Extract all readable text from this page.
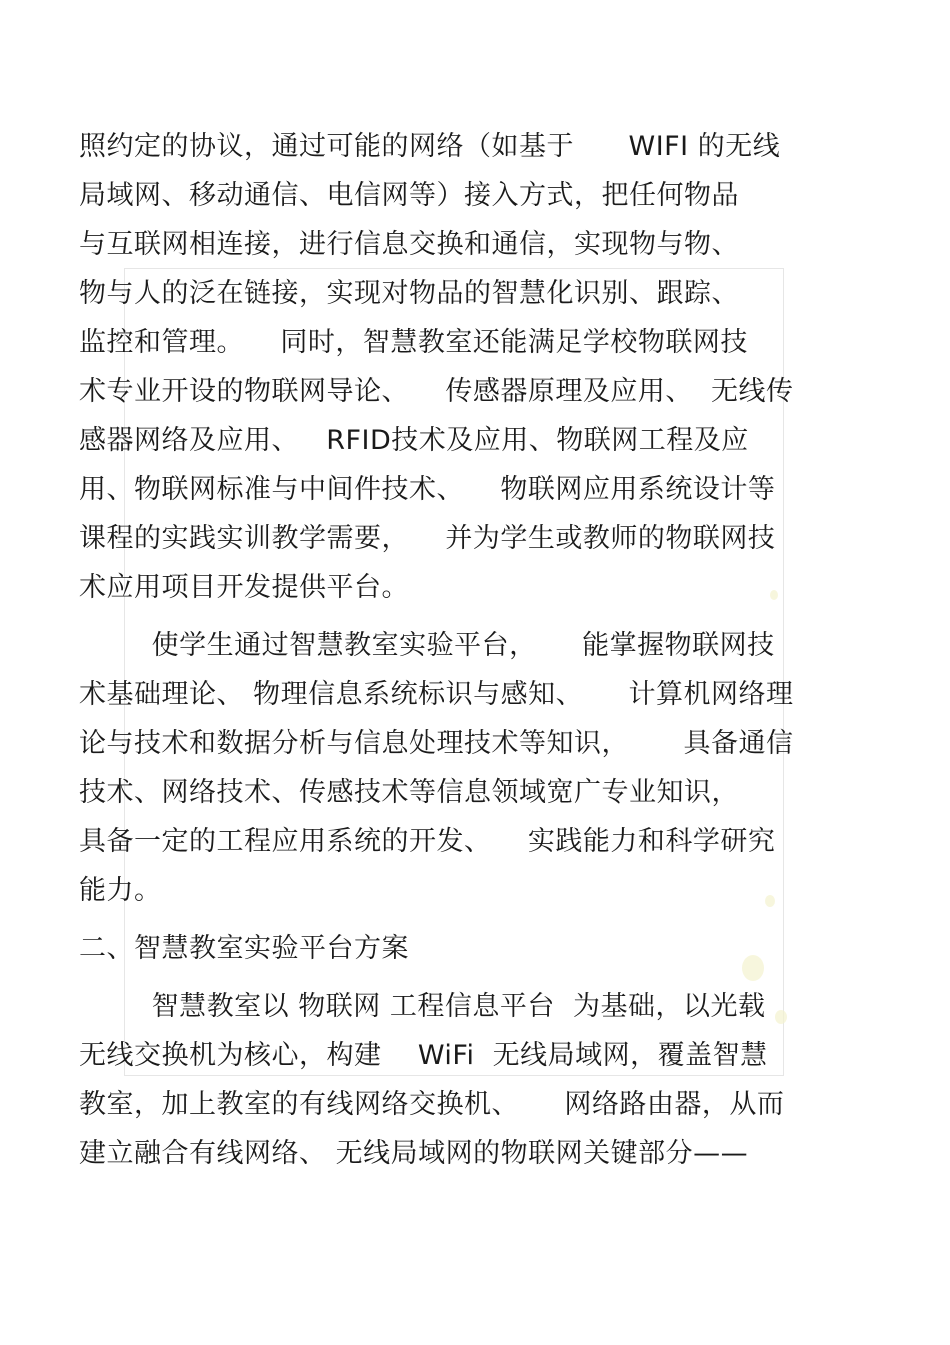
照约定的协议，通过可能的网络（如基于      WIFI 的无线
局域网、移动通信、电信网等）接入方式，把任何物品
与互联网相连接，进行信息交换和通信，实现物与物、
物与人的泛在链接，实现对物品的智慧化识别、跟踪、
监控和管理。    同时，智慧教室还能满足学校物联网技
术专业开设的物联网导论、    传感器原理及应用、  无线传
感器网络及应用、   RFID技术及应用、物联网工程及应
用、物联网标准与中间件技术、    物联网应用系统设计等
课程的实践实训教学需要，    并为学生或教师的物联网技
术应用项目开发提供平台。
使学生通过智慧教室实验平台，     能掌握物联网技
术基础理论、 物理信息系统标识与感知、     计算机网络理
论与技术和数据分析与信息处理技术等知识，      具备通信
技术、网络技术、传感技术等信息领域宽广专业知识，
具备一定的工程应用系统的开发、    实践能力和科学研究
能力。
二、智慧教室实验平台方案
智慧教室以 物联网 工程信息平台  为基础，以光载
无线交换机为核心，构建    WiFi  无线局域网，覆盖智慧
教室，加上教室的有线网络交换机、     网络路由器，从而
建立融合有线网络、 无线局域网的物联网关键部分——
